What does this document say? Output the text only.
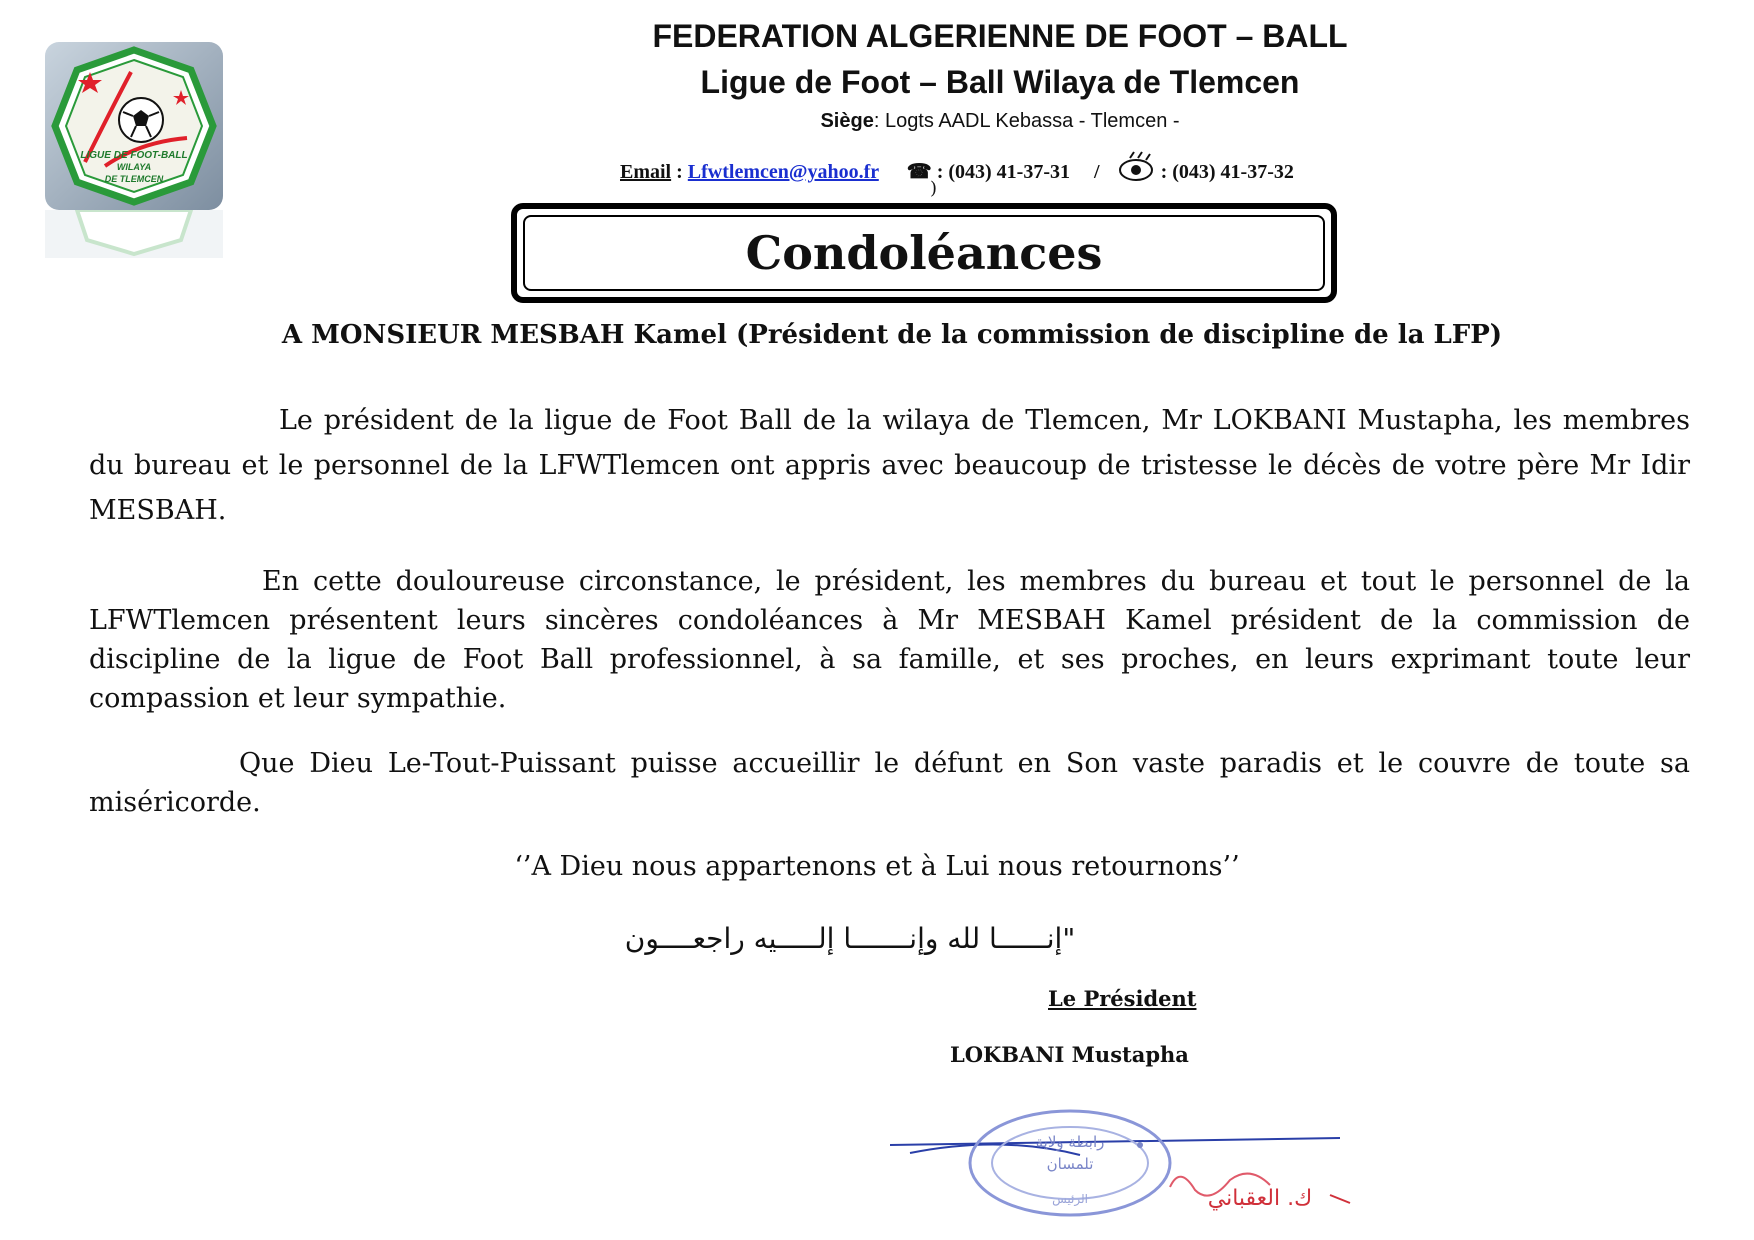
LIGUE DE FOOT-BALL
WILAYA
DE TLEMCEN
FEDERATION ALGERIENNE DE FOOT – BALL
Ligue de Foot – Ball Wilaya de Tlemcen
Siège: Logts AADL Kebassa - Tlemcen -
Email : Lfwtlemcen@yahoo.fr ☎ : (043) 41-37-31 /	: (043) 41-37-32
)
Condoléances
A MONSIEUR MESBAH Kamel (Président de la commission de discipline de la LFP)
Le président de la ligue de Foot Ball de la wilaya de Tlemcen, Mr LOKBANI Mustapha, les membres du bureau et le personnel de la LFWTlemcen ont appris avec beaucoup de tristesse le décès de votre père Mr Idir MESBAH.
En cette douloureuse circonstance, le président, les membres du bureau et tout le personnel de la LFWTlemcen présentent leurs sincères condoléances à Mr MESBAH Kamel président de la commission de discipline de la ligue de Foot Ball professionnel, à sa famille, et ses proches, en leurs exprimant toute leur compassion et leur sympathie.
Que Dieu Le-Tout-Puissant puisse accueillir le défunt en Son vaste paradis et le couvre de toute sa miséricorde.
‘’A Dieu nous appartenons et à Lui nous retournons’’
"إنــــــا لله وإنـــــــا إلـــــيه راجعــــون
Le Président
LOKBANI Mustapha
رابطة ولاية
تلمسان
الرئيس	ك. العقباني
